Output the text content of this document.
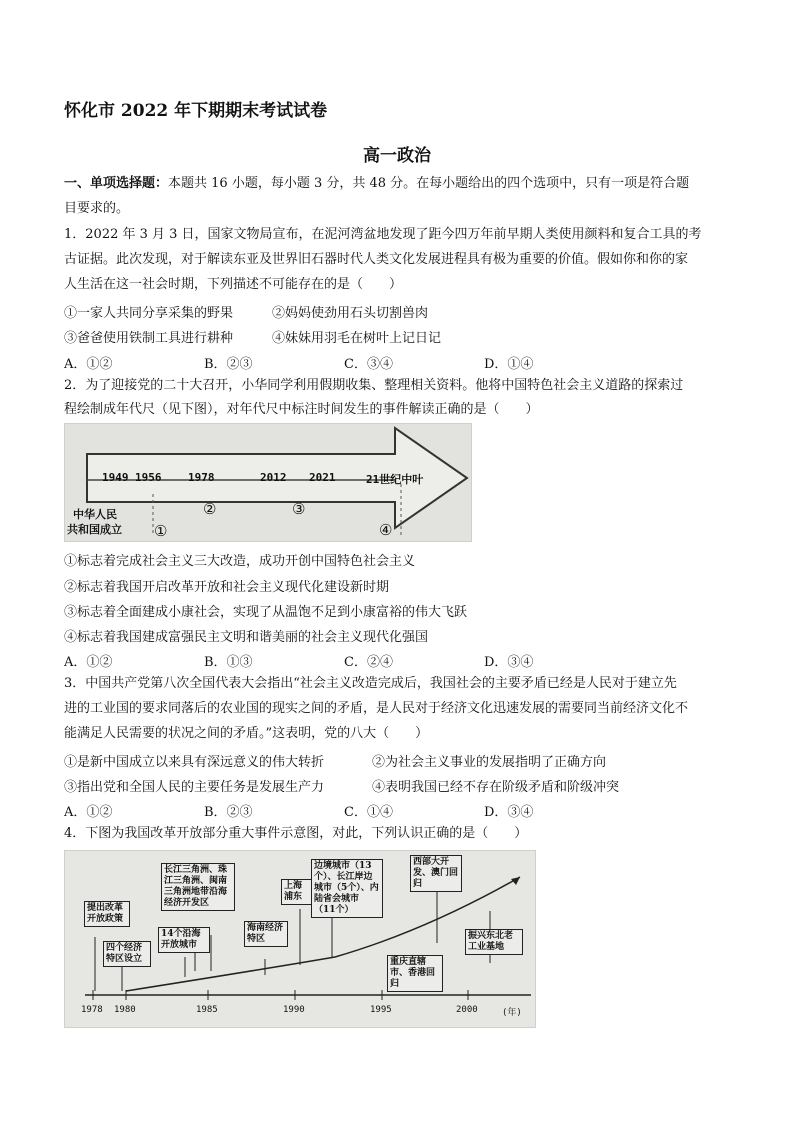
怀化市 2022 年下期期末考试试卷
高一政治
一、单项选择题：本题共 16 小题，每小题 3 分，共 48 分。在每小题给出的四个选项中，只有一项是符合题
目要求的。
1．2022 年 3 月 3 日，国家文物局宣布，在泥河湾盆地发现了距今四万年前早期人类使用颜料和复合工具的考
古证据。此次发现，对于解读东亚及世界旧石器时代人类文化发展进程具有极为重要的价值。假如你和你的家
人生活在这一社会时期，下列描述不可能存在的是（　　）
①一家人共同分享采集的野果	②妈妈使劲用石头切割兽肉
③爸爸使用铁制工具进行耕种	④妹妹用羽毛在树叶上记日记
A．①②	B．②③	C．③④	D．①④
2．为了迎接党的二十大召开，小华同学利用假期收集、整理相关资料。他将中国特色社会主义道路的探索过
程绘制成年代尺（见下图），对年代尺中标注时间发生的事件解读正确的是（　　）
1949 1956 1978	2012 2021	21世纪中叶
中华人民
共和国成立 ①
②	③
④
①标志着完成社会主义三大改造，成功开创中国特色社会主义
②标志着我国开启改革开放和社会主义现代化建设新时期
③标志着全面建成小康社会，实现了从温饱不足到小康富裕的伟大飞跃
④标志着我国建成富强民主文明和谐美丽的社会主义现代化强国
A．①②	B．①③	C．②④	D．③④
3．中国共产党第八次全国代表大会指出“社会主义改造完成后，我国社会的主要矛盾已经是人民对于建立先
进的工业国的要求同落后的农业国的现实之间的矛盾，是人民对于经济文化迅速发展的需要同当前经济文化不
能满足人民需要的状况之间的矛盾。”这表明，党的八大（　　）
①是新中国成立以来具有深远意义的伟大转折	②为社会主义事业的发展指明了正确方向
③指出党和全国人民的主要任务是发展生产力	④表明我国已经不存在阶级矛盾和阶级冲突
A．①②	B．②③	C．①④	D．③④
4．下图为我国改革开放部分重大事件示意图，对此，下列认识正确的是（　　）
提出改革开放政策
四个经济特区设立
长江三角洲、珠江三角洲、闽南三角洲地带沿海经济开发区
14个沿海开放城市
海南经济特区
上海浦东
边境城市（13个）、长江岸边城市（5个）、内陆省会城市（11个）
重庆直辖市、香港回归
西部大开发、澳门回归
振兴东北老工业基地
1978 1980	1985	1990	1995	2000	(年)
